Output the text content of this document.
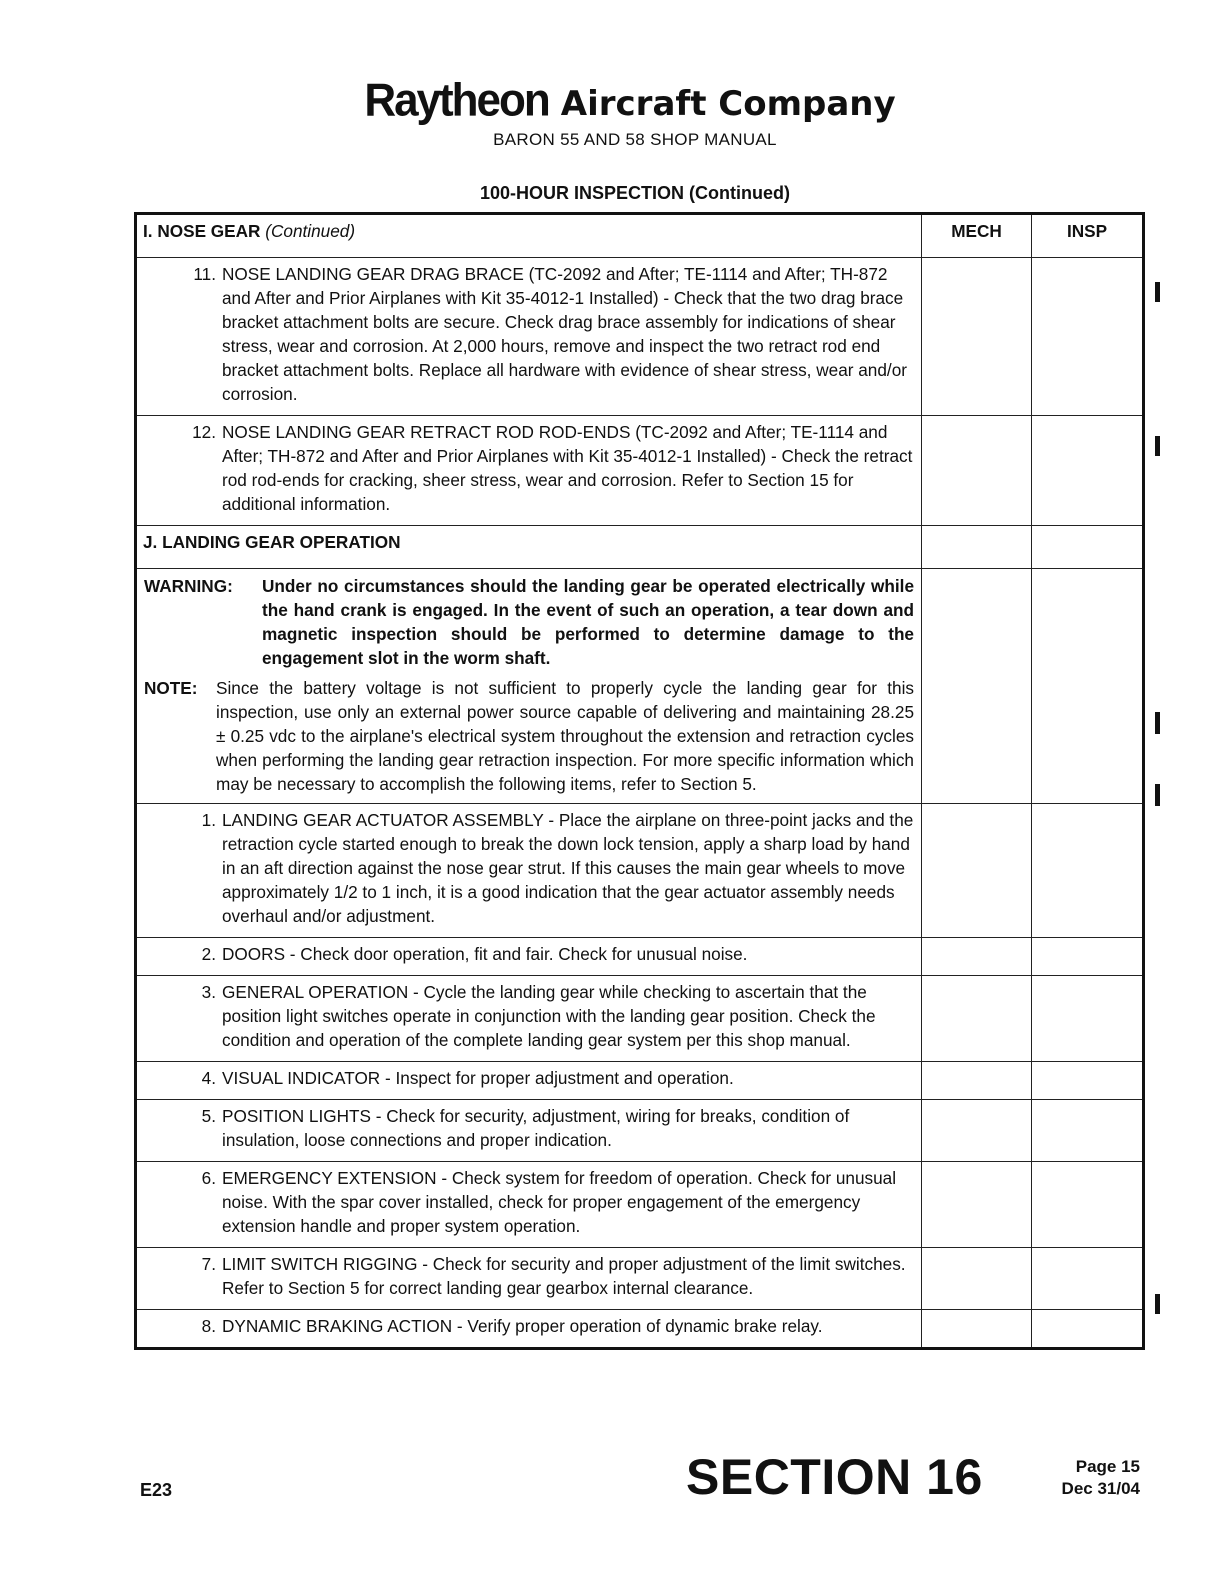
Raytheon Aircraft Company
BARON 55 AND 58 SHOP MANUAL
100-HOUR INSPECTION (Continued)
I. NOSE GEAR (Continued)	MECH	INSP

11. NOSE LANDING GEAR DRAG BRACE (TC-2092 and After; TE-1114 and After; TH-872 and After and Prior Airplanes with Kit 35-4012-1 Installed) - Check that the two drag brace bracket attachment bolts are secure. Check drag brace assembly for indications of shear stress, wear and corrosion. At 2,000 hours, remove and inspect the two retract rod end bracket attachment bolts. Replace all hardware with evidence of shear stress, wear and/or corrosion.		

12. NOSE LANDING GEAR RETRACT ROD ROD-ENDS (TC-2092 and After; TE-1114 and After; TH-872 and After and Prior Airplanes with Kit 35-4012-1 Installed) - Check the retract rod rod-ends for cracking, sheer stress, wear and corrosion. Refer to Section 15 for additional information.		

J. LANDING GEAR OPERATION		

WARNING: Under no circumstances should the landing gear be operated electrically while the hand crank is engaged. In the event of such an operation, a tear down and magnetic inspection should be performed to determine damage to the engagement slot in the worm shaft.
NOTE: Since the battery voltage is not sufficient to properly cycle the landing gear for this inspection, use only an external power source capable of delivering and maintaining 28.25 ± 0.25 vdc to the airplane's electrical system throughout the extension and retraction cycles when performing the landing gear retraction inspection. For more specific information which may be necessary to accomplish the following items, refer to Section 5.		

1. LANDING GEAR ACTUATOR ASSEMBLY - Place the airplane on three-point jacks and the retraction cycle started enough to break the down lock tension, apply a sharp load by hand in an aft direction against the nose gear strut. If this causes the main gear wheels to move approximately 1/2 to 1 inch, it is a good indication that the gear actuator assembly needs overhaul and/or adjustment.		

2. DOORS - Check door operation, fit and fair. Check for unusual noise.		

3. GENERAL OPERATION - Cycle the landing gear while checking to ascertain that the position light switches operate in conjunction with the landing gear position. Check the condition and operation of the complete landing gear system per this shop manual.		

4. VISUAL INDICATOR - Inspect for proper adjustment and operation.		

5. POSITION LIGHTS - Check for security, adjustment, wiring for breaks, condition of insulation, loose connections and proper indication.		

6. EMERGENCY EXTENSION - Check system for freedom of operation. Check for unusual noise. With the spar cover installed, check for proper engagement of the emergency extension handle and proper system operation.		

7. LIMIT SWITCH RIGGING - Check for security and proper adjustment of the limit switches. Refer to Section 5 for correct landing gear gearbox internal clearance.		

8. DYNAMIC BRAKING ACTION - Verify proper operation of dynamic brake relay.		

E23	SECTION 16	Page 15
Dec 31/04
